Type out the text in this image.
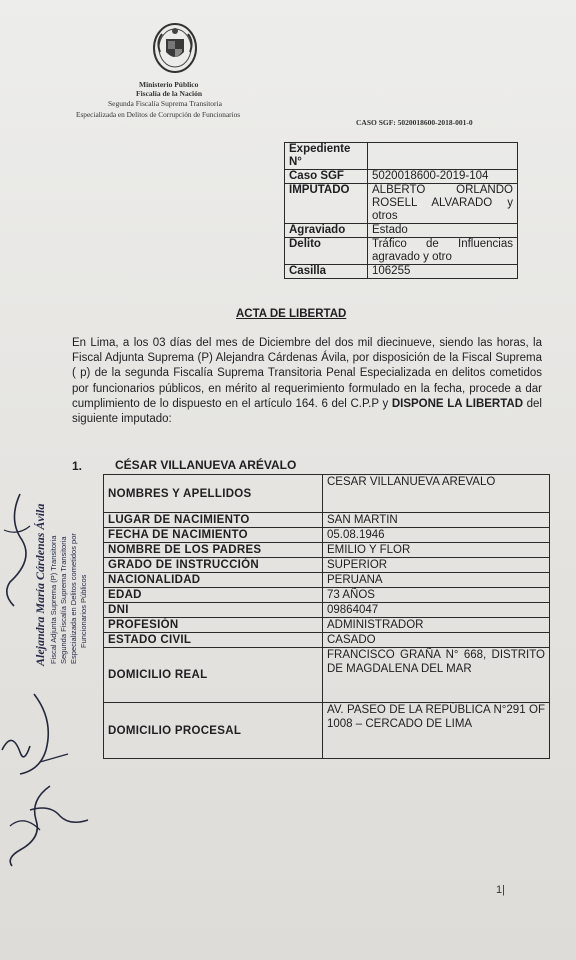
Ministerio Público
Fiscalía de la Nación
Segunda Fiscalía Suprema Transitoria
Especializada en Delitos de Corrupción de Funcionarios
CASO SGF: 5020018600-2018-001-0
Expediente N°	
Caso SGF	5020018600-2019-104
IMPUTADO	ALBERTO ORLANDO ROSELL ALVARADO y otros
Agraviado	Estado
Delito	Tráfico de Influencias agravado y otro
Casilla	106255
ACTA DE LIBERTAD
En Lima, a los 03 días del mes de Diciembre del dos mil diecinueve, siendo las horas, la Fiscal Adjunta Suprema (P) Alejandra Cárdenas Ávila, por disposición de la Fiscal Suprema ( p) de la segunda Fiscalía Suprema Transitoria Penal Especializada en delitos cometidos por funcionarios públicos, en mérito al requerimiento formulado en la fecha, procede a dar cumplimiento de lo dispuesto en el artículo 164. 6 del C.P.P y DISPONE LA LIBERTAD del siguiente imputado:
1.	CÉSAR VILLANUEVA ARÉVALO
NOMBRES Y APELLIDOS	CESAR VILLANUEVA AREVALO
LUGAR DE NACIMIENTO	SAN MARTIN
FECHA DE NACIMIENTO	05.08.1946
NOMBRE DE LOS PADRES	EMILIO Y FLOR
GRADO DE INSTRUCCIÓN	SUPERIOR
NACIONALIDAD	PERUANA
EDAD	73 AÑOS
DNI	09864047
PROFESIÓN	ADMINISTRADOR
ESTADO CIVIL	CASADO
DOMICILIO REAL	FRANCISCO GRAÑA N° 668, DISTRITO DE MAGDALENA DEL MAR
DOMICILIO PROCESAL	AV. PASEO DE LA REPÚBLICA N°291 OF 1008 – CERCADO DE LIMA
Alejandra María Cárdenas Ávila Fiscal Adjunta Suprema (P) Transitoria Segunda Fiscalía Suprema Transitoria Especializada en Delitos cometidos por Funcionarios Públicos
1|
